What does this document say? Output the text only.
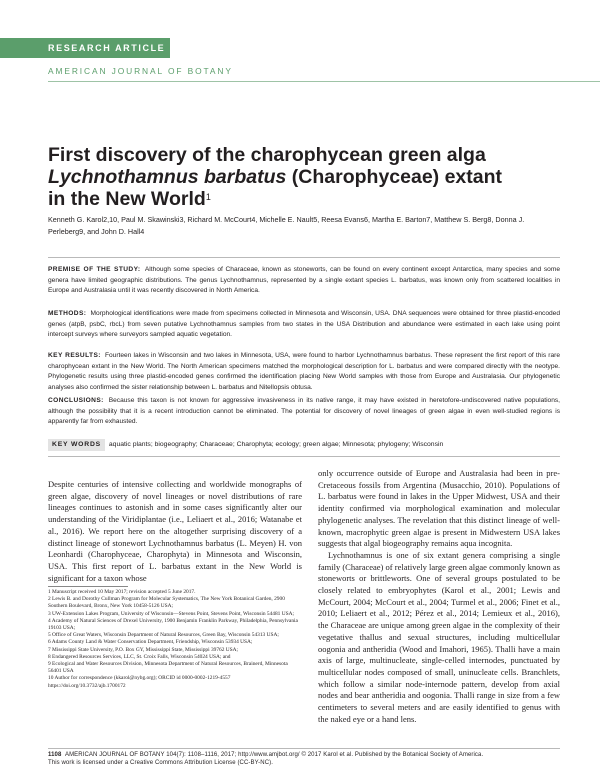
RESEARCH ARTICLE
AMERICAN JOURNAL OF BOTANY
First discovery of the charophycean green alga
Lychnothamnus barbatus (Charophyceae) extant
in the New World$^1$
Kenneth G. Karol2,10, Paul M. Skawinski3, Richard M. McCourt4, Michelle E. Nault5, Reesa Evans6, Martha E. Barton7, Matthew S. Berg8, Donna J. Perleberg9, and John D. Hall4
PREMISE OF THE STUDY: Although some species of Characeae, known as stoneworts, can be found on every continent except Antarctica, many species and some genera have limited geographic distributions. The genus Lychnothamnus, represented by a single extant species L. barbatus, was known only from scattered localities in Europe and Australasia until it was recently discovered in North America.
METHODS: Morphological identifications were made from specimens collected in Minnesota and Wisconsin, USA. DNA sequences were obtained for three plastid-encoded genes (atpB, psbC, rbcL) from seven putative Lychnothamnus samples from two states in the USA Distribution and abundance were estimated in each lake using point intercept surveys where surveyors sampled aquatic vegetation.
KEY RESULTS: Fourteen lakes in Wisconsin and two lakes in Minnesota, USA, were found to harbor Lychnothamnus barbatus. These represent the first report of this rare charophycean extant in the New World. The North American specimens matched the morphological description for L. barbatus and were compared directly with the neotype. Phylogenetic results using three plastid-encoded genes confirmed the identification placing New World samples with those from Europe and Australasia. Our phylogenetic analyses also confirmed the sister relationship between L. barbatus and Nitellopsis obtusa.
CONCLUSIONS: Because this taxon is not known for aggressive invasiveness in its native range, it may have existed in heretofore-undiscovered native populations, although the possibility that it is a recent introduction cannot be eliminated. The potential for discovery of novel lineages of green algae in even well-studied regions is apparently far from exhausted.
KEY WORDS aquatic plants; biogeography; Characeae; Charophyta; ecology; green algae; Minnesota; phylogeny; Wisconsin

Despite centuries of intensive collecting and worldwide monographs of green algae, discovery of novel lineages or novel distributions of rare lineages continues to astonish and in some cases significantly alter our understanding of the Viridiplantae (i.e., Leliaert et al., 2016; Watanabe et al., 2016). We report here on the altogether surprising discovery of a distinct lineage of stonewort Lychnothamnus barbatus (L. Meyen) H. von Leonhardi (Charophyceae, Charophyta) in Minnesota and Wisconsin, USA. This first report of L. barbatus extant in the New World is significant for a taxon whose

1 Manuscript received 10 May 2017; revision accepted 5 June 2017.
2 Lewis B. and Dorothy Cullman Program for Molecular Systematics, The New York Botanical Garden, 2900 Southern Boulevard, Bronx, New York 10458-5126 USA;
3 UW-Extension Lakes Program, University of Wisconsin—Stevens Point, Stevens Point, Wisconsin 54481 USA;
4 Academy of Natural Sciences of Drexel University, 1900 Benjamin Franklin Parkway, Philadelphia, Pennsylvania 19103 USA;
5 Office of Great Waters, Wisconsin Department of Natural Resources, Green Bay, Wisconsin 54313 USA;
6 Adams County Land & Water Conservation Department, Friendship, Wisconsin 53934 USA;
7 Mississippi State University, P.O. Box GY, Mississippi State, Mississippi 39762 USA;
8 Endangered Resources Services, LLC, St. Croix Falls, Wisconsin 54024 USA; and
9 Ecological and Water Resources Division, Minnesota Department of Natural Resources, Brainerd, Minnesota 56401 USA
10 Author for correspondence (kkarol@nybg.org); ORCID id 0000-0002-1219-4557
https://doi.org/10.3732/ajb.1700172

only occurrence outside of Europe and Australasia had been in pre-Cretaceous fossils from Argentina (Musacchio, 2010). Populations of L. barbatus were found in lakes in the Upper Midwest, USA and their identity confirmed via morphological examination and molecular phylogenetic analyses. The revelation that this distinct lineage of well-known, macrophytic green algae is present in Midwestern USA lakes suggests that algal biogeography remains aqua incognita.

Lychnothamnus is one of six extant genera comprising a single family (Characeae) of relatively large green algae commonly known as stoneworts or brittleworts. One of several groups postulated to be closely related to embryophytes (Karol et al., 2001; Lewis and McCourt, 2004; McCourt et al., 2004; Turmel et al., 2006; Finet et al., 2010; Leliaert et al., 2012; Pérez et al., 2014; Lemieux et al., 2016), the Characeae are unique among green algae in the complexity of their vegetative thallus and sexual structures, including multicellular oogonia and antheridia (Wood and Imahori, 1965). Thalli have a main axis of large, multinucleate, single-celled internodes, punctuated by multicellular nodes composed of small, uninucleate cells. Branchlets, which follow a similar node-internode pattern, develop from axial nodes and bear antheridia and oogonia. Thalli range in size from a few centimeters to several meters and are easily identified to genus with the naked eye or a hand lens.

1108 AMERICAN JOURNAL OF BOTANY 104(7): 1108–1116, 2017; http://www.amjbot.org/ © 2017 Karol et al. Published by the Botanical Society of America.
This work is licensed under a Creative Commons Attribution License (CC-BY-NC).
